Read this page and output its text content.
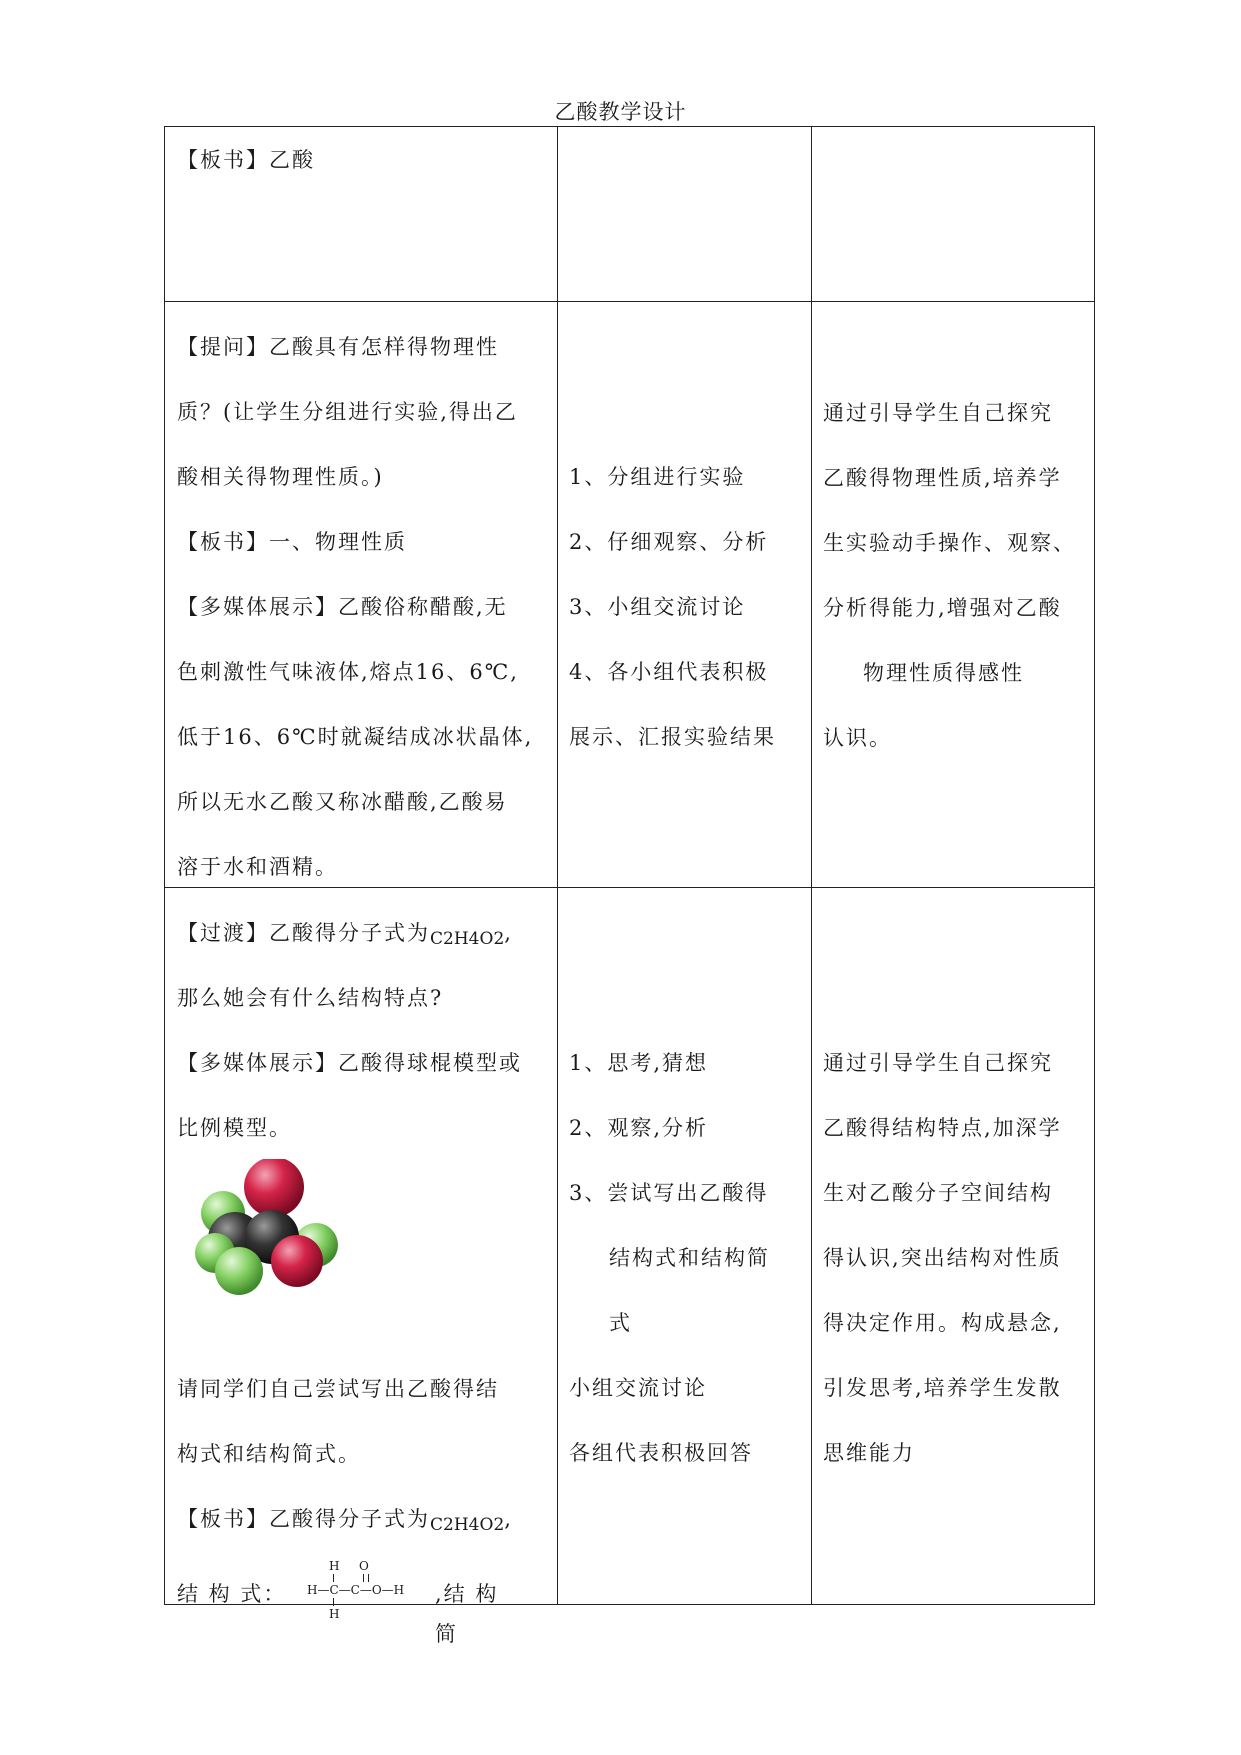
乙酸教学设计

【板书】乙酸

【提问】乙酸具有怎样得物理性

质？(让学生分组进行实验,得出乙

酸相关得物理性质。)

【板书】一、物理性质

【多媒体展示】乙酸俗称醋酸,无

色刺激性气味液体,熔点16、6℃,

低于16、6℃时就凝结成冰状晶体,

所以无水乙酸又称冰醋酸,乙酸易

溶于水和酒精。

1、分组进行实验

2、仔细观察、分析

3、小组交流讨论

4、各小组代表积极

展示、汇报实验结果

通过引导学生自己探究

乙酸得物理性质,培养学

生实验动手操作、观察、

分析得能力,增强对乙酸

物理性质得感性

认识。

【过渡】乙酸得分子式为$C_2H_4O_2$,

那么她会有什么结构特点?

【多媒体展示】乙酸得球棍模型或

比例模型。

请同学们自己尝试写出乙酸得结

构式和结构简式。

【板书】乙酸得分子式为$C_2H_4O_2$,

结 构 式：
H O
H—C—C—O—H
H
,结 构 简

1、思考,猜想

2、观察,分析

3、尝试写出乙酸得

结构式和结构简

式

小组交流讨论

各组代表积极回答

通过引导学生自己探究

乙酸得结构特点,加深学

生对乙酸分子空间结构

得认识,突出结构对性质

得决定作用。构成悬念,

引发思考,培养学生发散

思维能力
